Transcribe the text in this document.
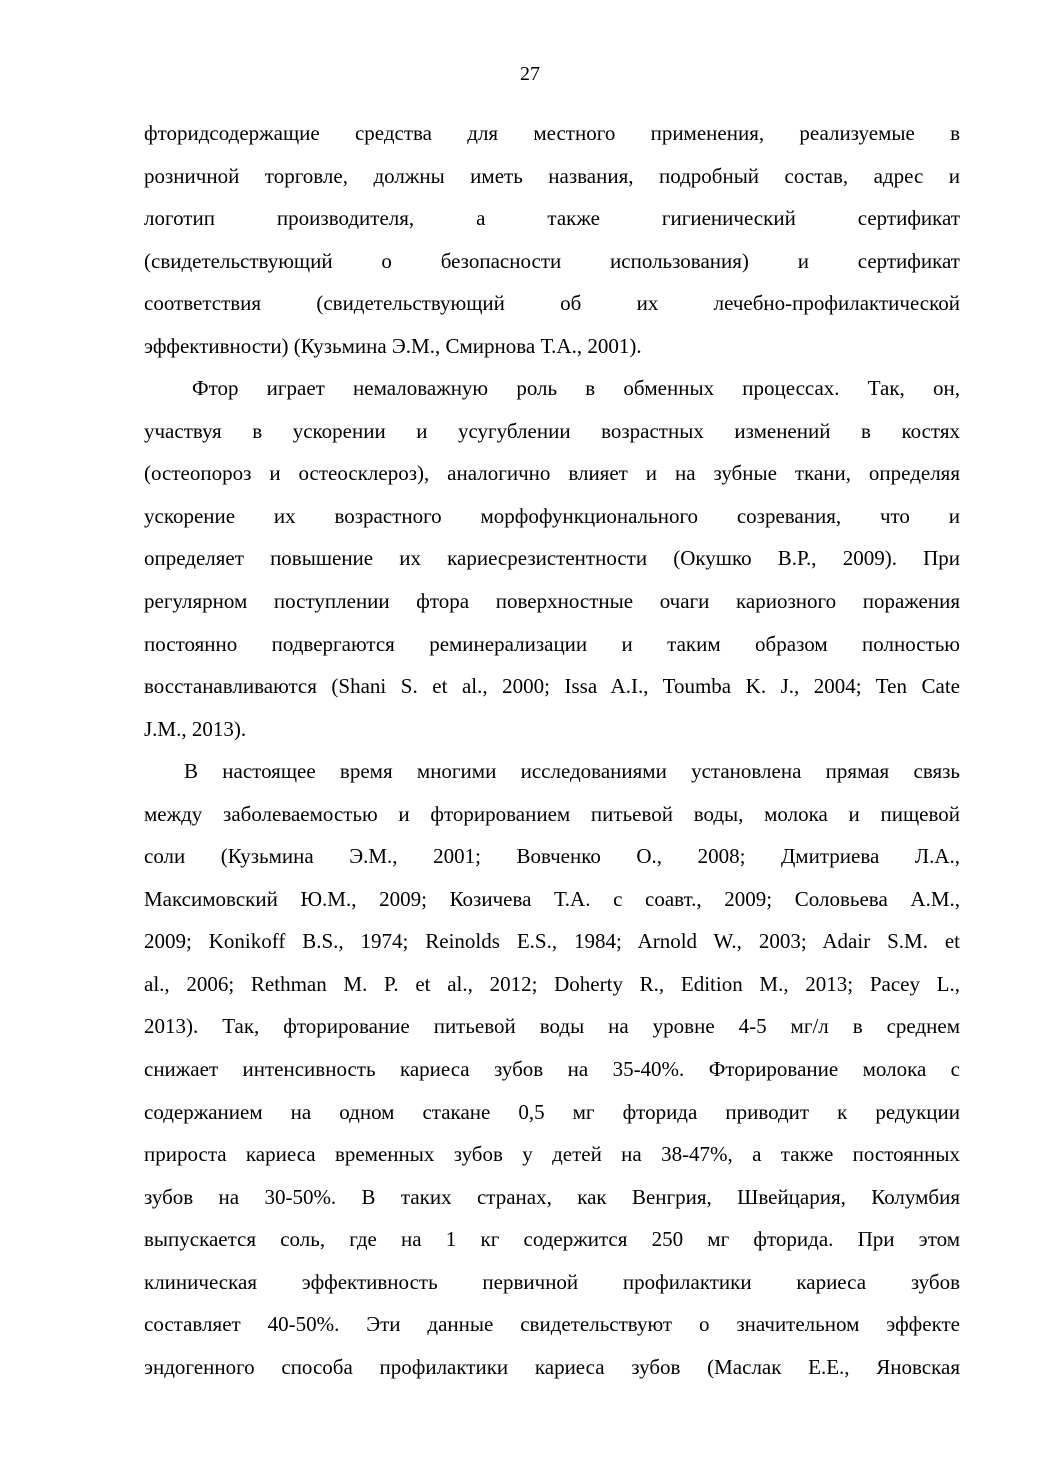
27
фторидсодержащие средства для местного применения, реализуемые в
розничной торговле, должны иметь названия, подробный состав, адрес и
логотип производителя, а также гигиенический сертификат
(свидетельствующий о безопасности использования) и сертификат
соответствия (свидетельствующий об их лечебно-профилактической
эффективности) (Кузьмина Э.М., Смирнова Т.А., 2001).
Фтор играет немаловажную роль в обменных процессах. Так, он,
участвуя в ускорении и усугублении возрастных изменений в костях
(остеопороз и остеосклероз), аналогично влияет и на зубные ткани, определяя
ускорение их возрастного морфофункционального созревания, что и
определяет повышение их кариесрезистентности (Окушко В.Р., 2009). При
регулярном поступлении фтора поверхностные очаги кариозного поражения
постоянно подвергаются реминерализации и таким образом полностью
восстанавливаются (Shani S. et al., 2000; Issa A.I., Toumba K. J., 2004; Ten Cate
J.M., 2013).
В настоящее время многими исследованиями установлена прямая связь
между заболеваемостью и фторированием питьевой воды, молока и пищевой
соли (Кузьмина Э.М., 2001; Вовченко О., 2008; Дмитриева Л.А.,
Максимовский Ю.М., 2009; Козичева Т.А. с соавт., 2009; Соловьева А.М.,
2009; Konikoff B.S., 1974; Reinolds E.S., 1984; Arnold W., 2003; Adair S.M. et
al., 2006; Rethman M. P. et al., 2012; Doherty R., Edition M., 2013; Pacey L.,
2013). Так, фторирование питьевой воды на уровне 4-5 мг/л в среднем
снижает интенсивность кариеса зубов на 35-40%. Фторирование молока с
содержанием на одном стакане 0,5 мг фторида приводит к редукции
прироста кариеса временных зубов у детей на 38-47%, а также постоянных
зубов на 30-50%. В таких странах, как Венгрия, Швейцария, Колумбия
выпускается соль, где на 1 кг содержится 250 мг фторида. При этом
клиническая эффективность первичной профилактики кариеса зубов
составляет 40-50%. Эти данные свидетельствуют о значительном эффекте
эндогенного способа профилактики кариеса зубов (Маслак Е.Е., Яновская
